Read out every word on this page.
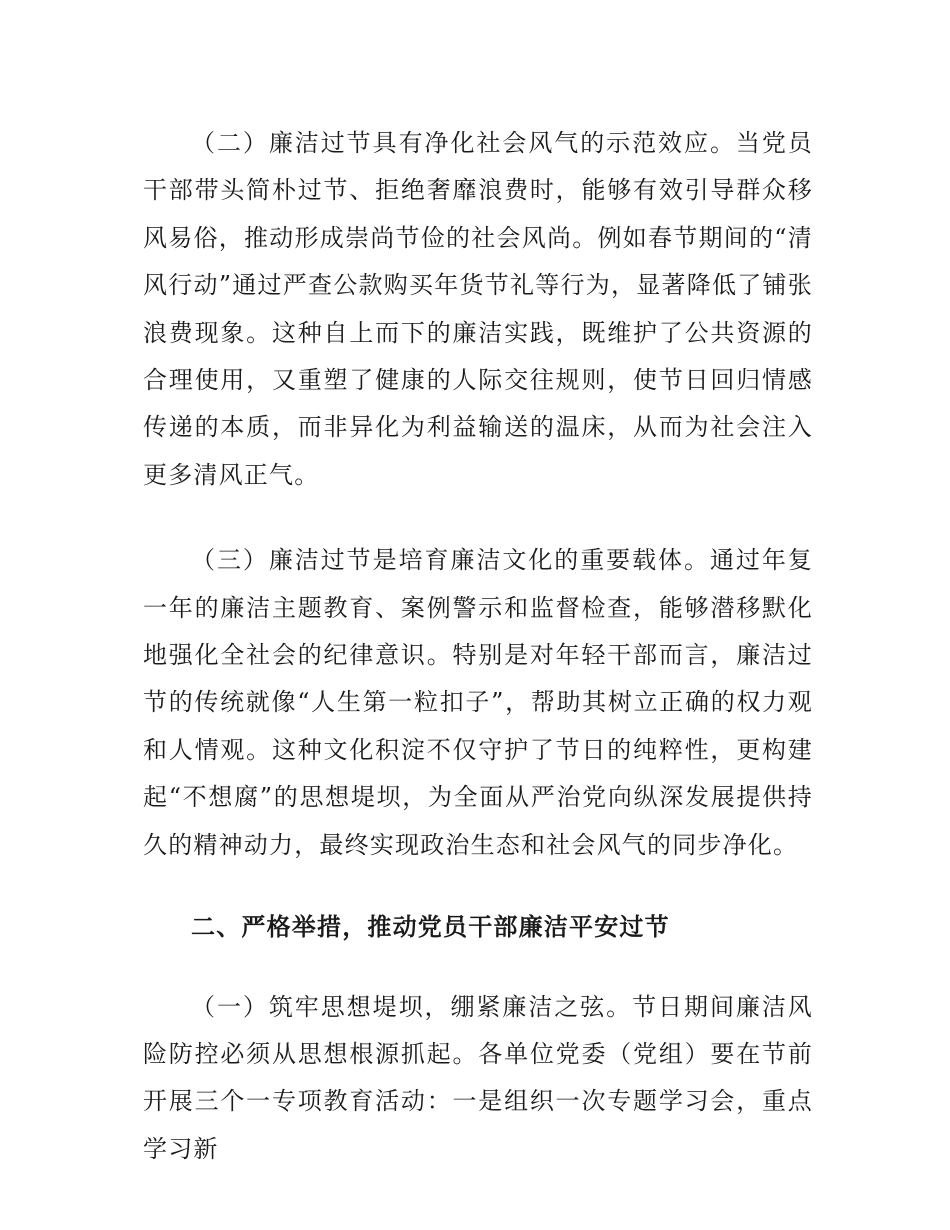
（二）廉洁过节具有净化社会风气的示范效应。当党员干部带头简朴过节、拒绝奢靡浪费时，能够有效引导群众移风易俗，推动形成崇尚节俭的社会风尚。例如春节期间的“清风行动”通过严查公款购买年货节礼等行为，显著降低了铺张浪费现象。这种自上而下的廉洁实践，既维护了公共资源的合理使用，又重塑了健康的人际交往规则，使节日回归情感传递的本质，而非异化为利益输送的温床，从而为社会注入更多清风正气。

（三）廉洁过节是培育廉洁文化的重要载体。通过年复一年的廉洁主题教育、案例警示和监督检查，能够潜移默化地强化全社会的纪律意识。特别是对年轻干部而言，廉洁过节的传统就像“人生第一粒扣子”，帮助其树立正确的权力观和人情观。这种文化积淀不仅守护了节日的纯粹性，更构建起“不想腐”的思想堤坝，为全面从严治党向纵深发展提供持久的精神动力，最终实现政治生态和社会风气的同步净化。

二、严格举措，推动党员干部廉洁平安过节

（一）筑牢思想堤坝，绷紧廉洁之弦。节日期间廉洁风险防控必须从思想根源抓起。各单位党委（党组）要在节前开展三个一专项教育活动：一是组织一次专题学习会，重点学习新
